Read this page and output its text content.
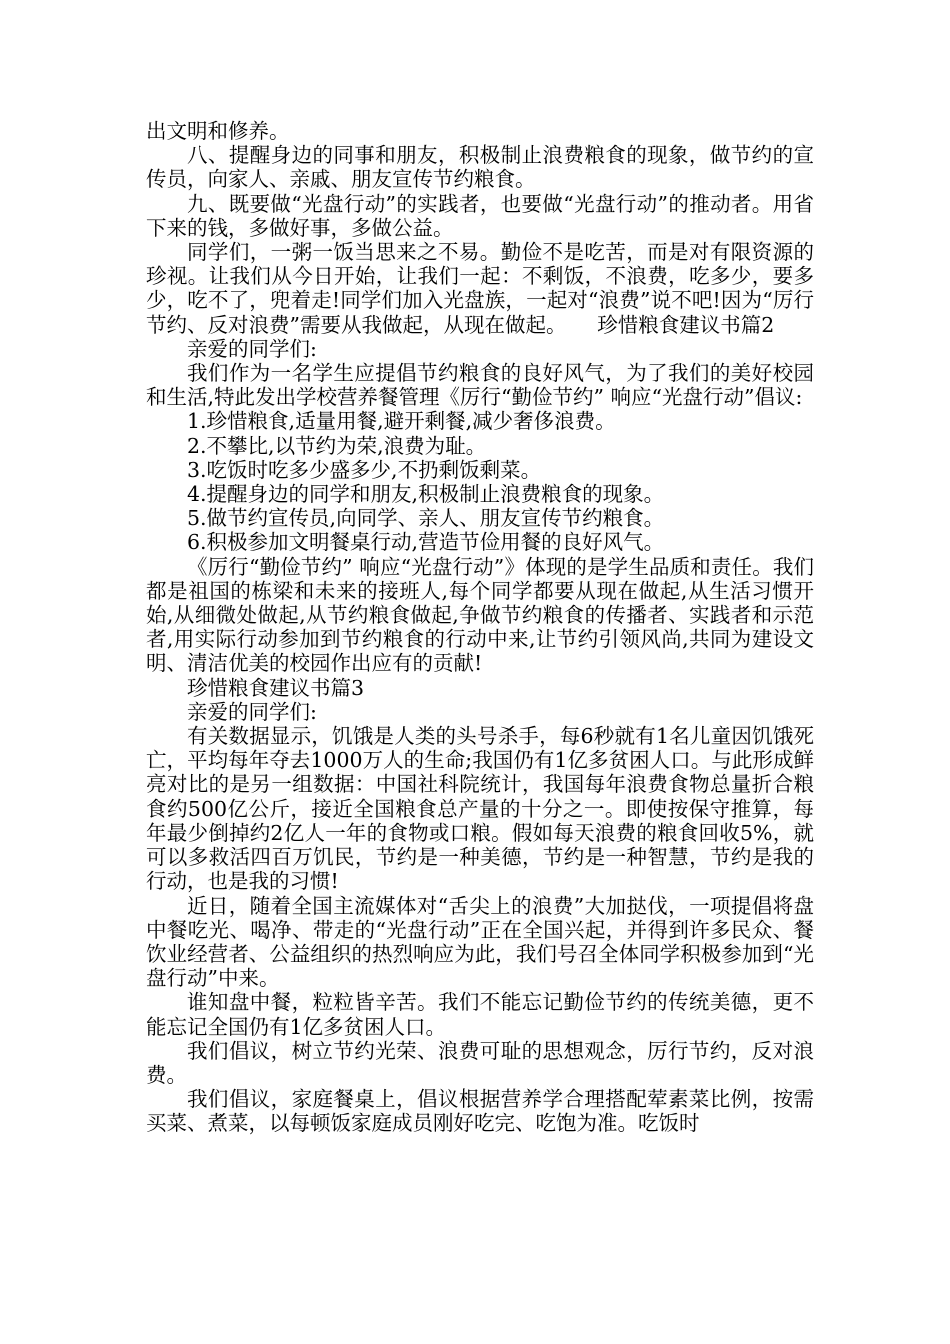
出文明和修养。

八、提醒身边的同事和朋友，积极制止浪费粮食的现象，做节约的宣传员，向家人、亲戚、朋友宣传节约粮食。

九、既要做“光盘行动”的实践者，也要做“光盘行动”的推动者。用省下来的钱，多做好事，多做公益。

同学们，一粥一饭当思来之不易。勤俭不是吃苦，而是对有限资源的珍视。让我们从今日开始，让我们一起：不剩饭，不浪费，吃多少，要多少，吃不了，兜着走!同学们加入光盘族，一起对“浪费”说不吧!因为“厉行节约、反对浪费”需要从我做起，从现在做起。　　珍惜粮食建议书篇2

亲爱的同学们:

我们作为一名学生应提倡节约粮食的良好风气，为了我们的美好校园和生活,特此发出学校营养餐管理《厉行“勤俭节约” 响应“光盘行动”倡议:

1.珍惜粮食,适量用餐,避开剩餐,减少奢侈浪费。

2.不攀比,以节约为荣,浪费为耻。

3.吃饭时吃多少盛多少,不扔剩饭剩菜。

4.提醒身边的同学和朋友,积极制止浪费粮食的现象。

5.做节约宣传员,向同学、亲人、朋友宣传节约粮食。

6.积极参加文明餐桌行动,营造节俭用餐的良好风气。

《厉行“勤俭节约” 响应“光盘行动”》体现的是学生品质和责任。我们都是祖国的栋梁和未来的接班人,每个同学都要从现在做起,从生活习惯开始,从细微处做起,从节约粮食做起,争做节约粮食的传播者、实践者和示范者,用实际行动参加到节约粮食的行动中来,让节约引领风尚,共同为建设文明、清洁优美的校园作出应有的贡献!

珍惜粮食建议书篇3

亲爱的同学们:

有关数据显示，饥饿是人类的头号杀手，每6秒就有1名儿童因饥饿死亡，平均每年夺去1000万人的生命;我国仍有1亿多贫困人口。与此形成鲜亮对比的是另一组数据：中国社科院统计，我国每年浪费食物总量折合粮食约500亿公斤，接近全国粮食总产量的十分之一。即使按保守推算，每年最少倒掉约2亿人一年的食物或口粮。假如每天浪费的粮食回收5%，就可以多救活四百万饥民，节约是一种美德，节约是一种智慧，节约是我的行动，也是我的习惯!

近日，随着全国主流媒体对“舌尖上的浪费”大加挞伐，一项提倡将盘中餐吃光、喝净、带走的“光盘行动”正在全国兴起，并得到许多民众、餐饮业经营者、公益组织的热烈响应为此，我们号召全体同学积极参加到“光盘行动”中来。

谁知盘中餐，粒粒皆辛苦。我们不能忘记勤俭节约的传统美德，更不能忘记全国仍有1亿多贫困人口。

我们倡议，树立节约光荣、浪费可耻的思想观念，厉行节约，反对浪费。

我们倡议，家庭餐桌上，倡议根据营养学合理搭配荤素菜比例，按需买菜、煮菜，以每顿饭家庭成员刚好吃完、吃饱为准。吃饭时
